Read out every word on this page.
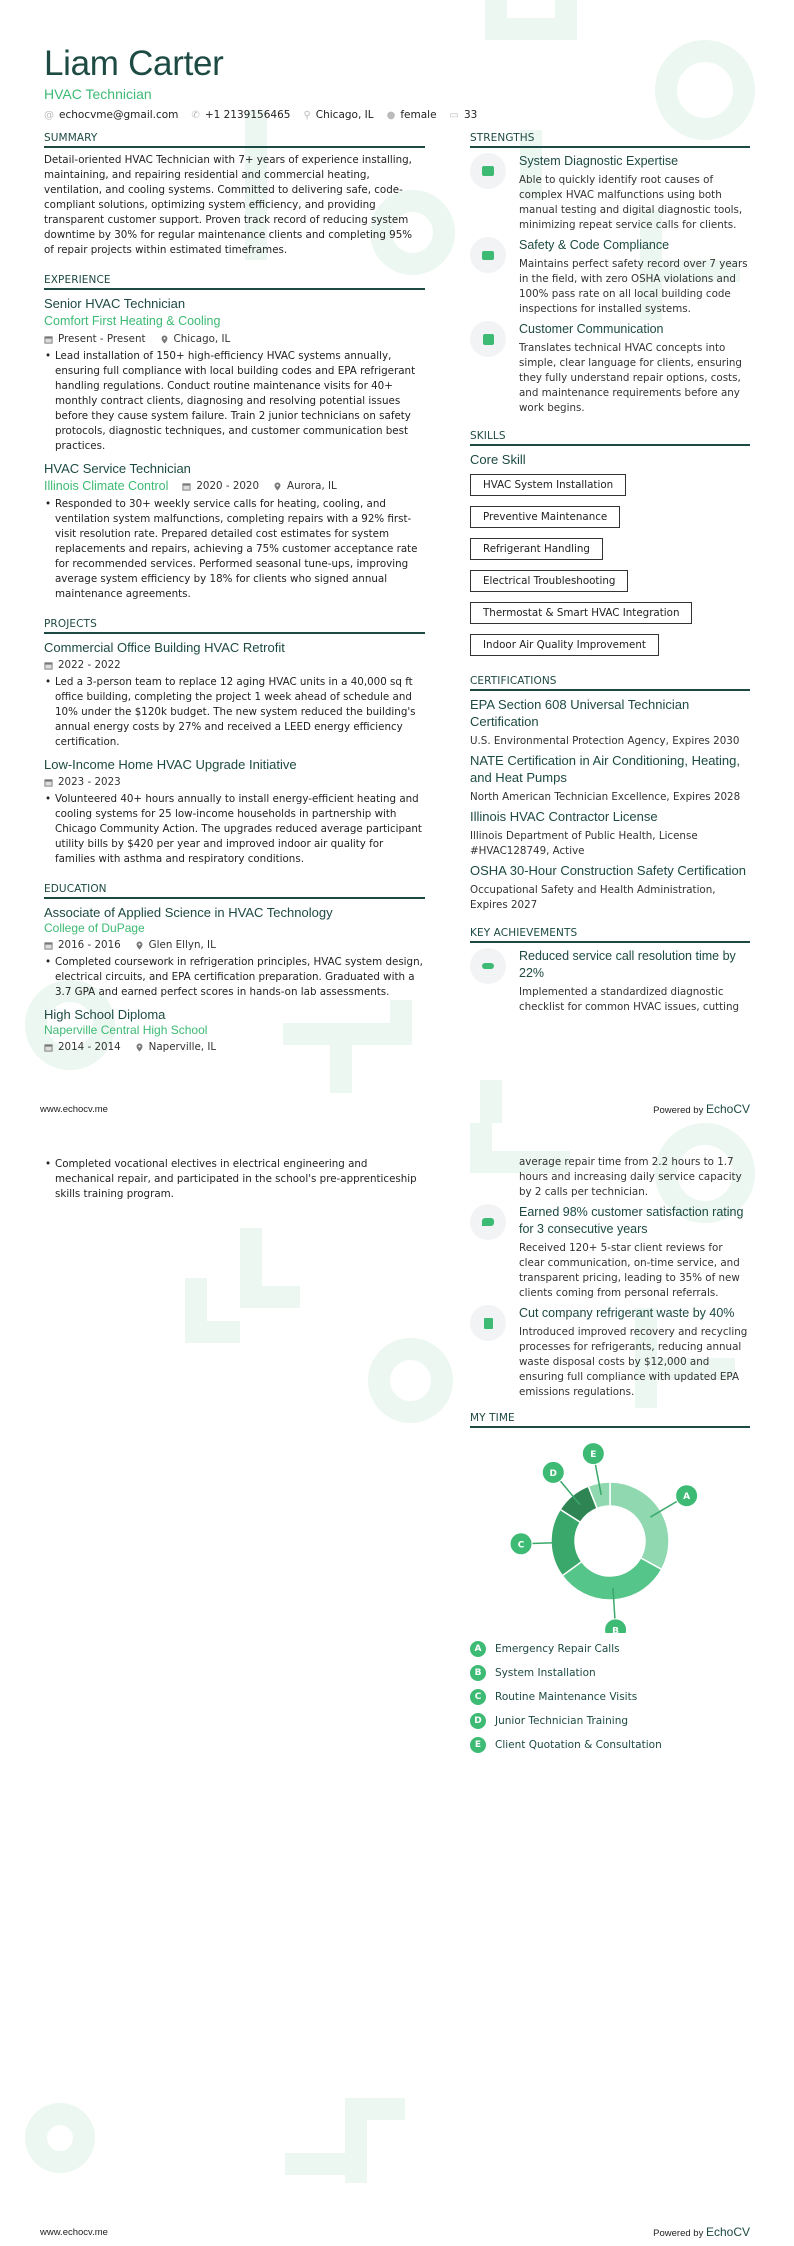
Liam Carter
HVAC Technician
@ echocvme@gmail.com ✆ +1 2139156465 ⚲ Chicago, IL ● female ▭ 33
SUMMARY
Detail-oriented HVAC Technician with 7+ years of experience installing, maintaining, and repairing residential and commercial heating, ventilation, and cooling systems. Committed to delivering safe, code-compliant solutions, optimizing system efficiency, and providing transparent customer support. Proven track record of reducing system downtime by 30% for regular maintenance clients and completing 95% of repair projects within estimated timeframes.
EXPERIENCE
Senior HVAC Technician
Comfort First Heating & Cooling
Present - Present	Chicago, IL
• Lead installation of 150+ high-efficiency HVAC systems annually, ensuring full compliance with local building codes and EPA refrigerant handling regulations. Conduct routine maintenance visits for 40+ monthly contract clients, diagnosing and resolving potential issues before they cause system failure. Train 2 junior technicians on safety protocols, diagnostic techniques, and customer communication best practices.
HVAC Service Technician
Illinois Climate Control	2020 - 2020	Aurora, IL
• Responded to 30+ weekly service calls for heating, cooling, and ventilation system malfunctions, completing repairs with a 92% first-visit resolution rate. Prepared detailed cost estimates for system replacements and repairs, achieving a 75% customer acceptance rate for recommended services. Performed seasonal tune-ups, improving average system efficiency by 18% for clients who signed annual maintenance agreements.
PROJECTS
Commercial Office Building HVAC Retrofit
2022 - 2022
• Led a 3-person team to replace 12 aging HVAC units in a 40,000 sq ft office building, completing the project 1 week ahead of schedule and 10% under the $120k budget. The new system reduced the building's annual energy costs by 27% and received a LEED energy efficiency certification.
Low-Income Home HVAC Upgrade Initiative
2023 - 2023
• Volunteered 40+ hours annually to install energy-efficient heating and cooling systems for 25 low-income households in partnership with Chicago Community Action. The upgrades reduced average participant utility bills by $420 per year and improved indoor air quality for families with asthma and respiratory conditions.
EDUCATION
Associate of Applied Science in HVAC Technology
College of DuPage
2016 - 2016	Glen Ellyn, IL
• Completed coursework in refrigeration principles, HVAC system design, electrical circuits, and EPA certification preparation. Graduated with a 3.7 GPA and earned perfect scores in hands-on lab assessments.
High School Diploma
Naperville Central High School
2014 - 2014	Naperville, IL
STRENGTHS
System Diagnostic Expertise
Able to quickly identify root causes of complex HVAC malfunctions using both manual testing and digital diagnostic tools, minimizing repeat service calls for clients.
Safety & Code Compliance
Maintains perfect safety record over 7 years in the field, with zero OSHA violations and 100% pass rate on all local building code inspections for installed systems.
Customer Communication
Translates technical HVAC concepts into simple, clear language for clients, ensuring they fully understand repair options, costs, and maintenance requirements before any work begins.
SKILLS
Core Skill
HVAC System Installation
Preventive Maintenance
Refrigerant Handling
Electrical Troubleshooting
Thermostat & Smart HVAC Integration
Indoor Air Quality Improvement
CERTIFICATIONS
EPA Section 608 Universal Technician Certification
U.S. Environmental Protection Agency, Expires 2030
NATE Certification in Air Conditioning, Heating, and Heat Pumps
North American Technician Excellence, Expires 2028
Illinois HVAC Contractor License
Illinois Department of Public Health, License #HVAC128749, Active
OSHA 30-Hour Construction Safety Certification
Occupational Safety and Health Administration, Expires 2027
KEY ACHIEVEMENTS
Reduced service call resolution time by 22%
Implemented a standardized diagnostic checklist for common HVAC issues, cutting
www.echocv.me	Powered by EchoCV
• Completed vocational electives in electrical engineering and mechanical repair, and participated in the school's pre-apprenticeship skills training program.
average repair time from 2.2 hours to 1.7 hours and increasing daily service capacity by 2 calls per technician.
Earned 98% customer satisfaction rating for 3 consecutive years
Received 120+ 5-star client reviews for clear communication, on-time service, and transparent pricing, leading to 35% of new clients coming from personal referrals.
Cut company refrigerant waste by 40%
Introduced improved recovery and recycling processes for refrigerants, reducing annual waste disposal costs by $12,000 and ensuring full compliance with updated EPA emissions regulations.
MY TIME
A
B
C
D
E
A	Emergency Repair Calls
B	System Installation
C	Routine Maintenance Visits
D	Junior Technician Training
E	Client Quotation & Consultation
www.echocv.me	Powered by EchoCV
